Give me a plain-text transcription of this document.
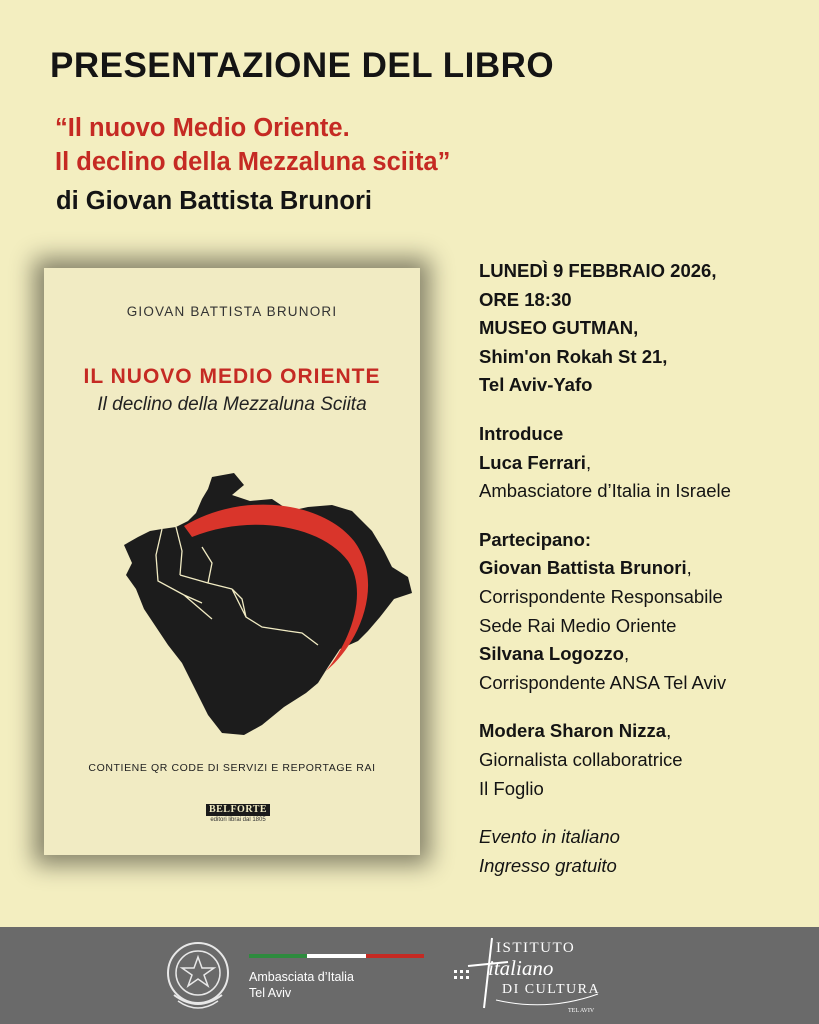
PRESENTAZIONE DEL LIBRO
“Il nuovo Medio Oriente.
Il declino della Mezzaluna sciita”
di Giovan Battista Brunori
GIOVAN BATTISTA BRUNORI
IL NUOVO MEDIO ORIENTE
Il declino della Mezzaluna Sciita
CONTIENE QR CODE DI SERVIZI E REPORTAGE RAI
BELFORTE
editori librai dal 1805
LUNEDÌ 9 FEBBRAIO 2026,
ORE 18:30
MUSEO GUTMAN,
Shim'on Rokah St 21,
Tel Aviv-Yafo
Introduce
Luca Ferrari,
Ambasciatore d’Italia in Israele
Partecipano:
Giovan Battista Brunori,
Corrispondente Responsabile
Sede Rai Medio Oriente
Silvana Logozzo,
Corrispondente ANSA Tel Aviv
Modera Sharon Nizza,
Giornalista collaboratrice
Il Foglio
Evento in italiano
Ingresso gratuito
Ambasciata d’Italia
Tel Aviv
ISTITUTO
italiano
DI CULTURA
TEL AVIV
